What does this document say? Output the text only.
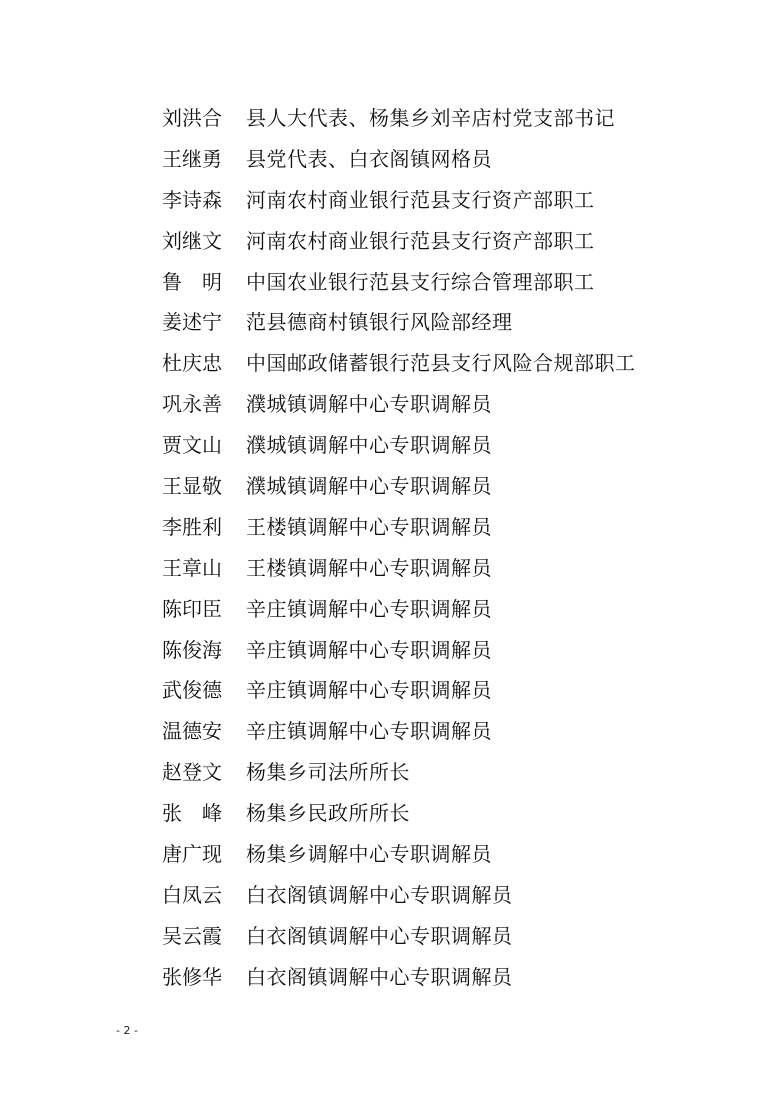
刘洪合	县人大代表、杨集乡刘辛店村党支部书记
王继勇	县党代表、白衣阁镇网格员
李诗森	河南农村商业银行范县支行资产部职工
刘继文	河南农村商业银行范县支行资产部职工
鲁　明	中国农业银行范县支行综合管理部职工
姜述宁	范县德商村镇银行风险部经理
杜庆忠	中国邮政储蓄银行范县支行风险合规部职工
巩永善	濮城镇调解中心专职调解员
贾文山	濮城镇调解中心专职调解员
王显敬	濮城镇调解中心专职调解员
李胜利	王楼镇调解中心专职调解员
王章山	王楼镇调解中心专职调解员
陈印臣	辛庄镇调解中心专职调解员
陈俊海	辛庄镇调解中心专职调解员
武俊德	辛庄镇调解中心专职调解员
温德安	辛庄镇调解中心专职调解员
赵登文	杨集乡司法所所长
张　峰	杨集乡民政所所长
唐广现	杨集乡调解中心专职调解员
白凤云	白衣阁镇调解中心专职调解员
吴云霞	白衣阁镇调解中心专职调解员
张修华	白衣阁镇调解中心专职调解员
- 2 -
